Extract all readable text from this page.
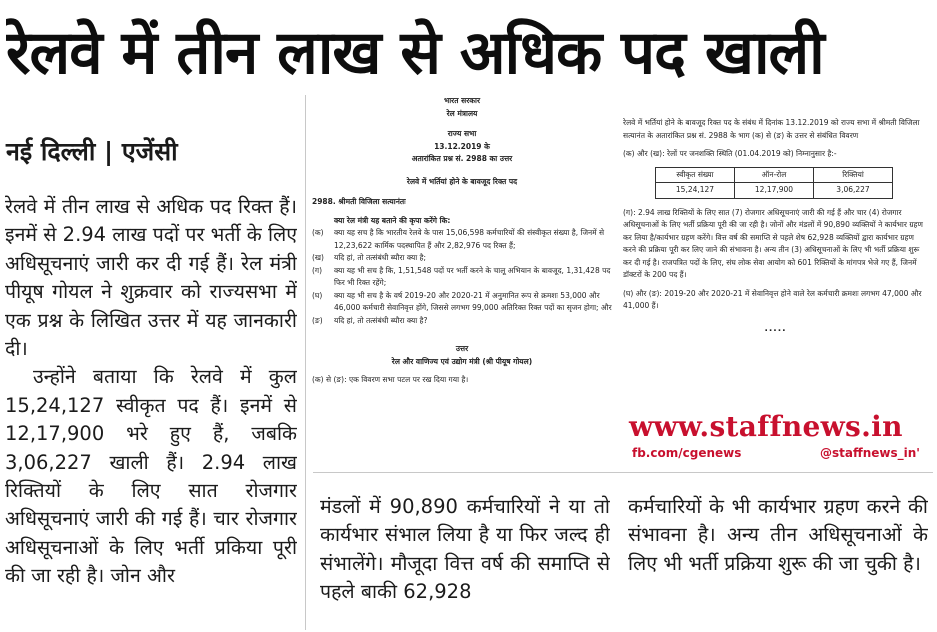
रेलवे में तीन लाख से अधिक पद खाली
नई दिल्ली | एजेंसी

रेलवे में तीन लाख से अधिक पद रिक्त हैं। इनमें से 2.94 लाख पदों पर भर्ती के लिए अधिसूचनाएं जारी कर दी गई हैं। रेल मंत्री पीयूष गोयल ने शुक्रवार को राज्यसभा में एक प्रश्न के लिखित उत्तर में यह जानकारी दी।

उन्होंने बताया कि रेलवे में कुल 15,24,127 स्वीकृत पद हैं। इनमें से 12,17,900 भरे हुए हैं, जबकि 3,06,227 खाली हैं। 2.94 लाख रिक्तियों के लिए सात रोजगार अधिसूचनाएं जारी की गई हैं। चार रोजगार अधिसूचनाओं के लिए भर्ती प्रकिया पूरी की जा रही है। जोन और

भारत सरकार
रेल मंत्रालय
राज्य सभा
13.12.2019 के
अतारांकित प्रश्न सं. 2988 का उत्तर
रेलवे में भर्तियां होने के बावजूद रिक्त पद
2988. श्रीमती विजिला सत्यानंतः
क्या रेल मंत्री यह बताने की कृपा करेंगे कि:
(क)	क्या यह सच है कि भारतीय रेलवे के पास 15,06,598 कर्मचारियों की संस्वीकृत संख्या है, जिनमें से 12,23,622 कार्मिक पदस्थापित हैं और 2,82,976 पद रिक्त हैं;
(ख)	यदि हां, तो तत्संबंधी ब्यौरा क्या है;
(ग)	क्या यह भी सच है कि, 1,51,548 पदों पर भर्ती करने के चालू अभियान के बावजूद, 1,31,428 पद फिर भी रिक्त रहेंगे;
(घ)	क्या यह भी सच है के वर्ष 2019-20 और 2020-21 में अनुमानित रूप से क्रमशः 53,000 और 46,000 कर्मचारी सेवानिवृत्त होंगे, जिससे लगभग 99,000 अतिरिक्त रिक्त पदों का सृजन होगा; और
(ङ)	यदि हां, तो तत्संबंधी ब्यौरा क्या है?
उत्तर
रेल और वाणिज्य एवं उद्योग मंत्री (श्री पीयूष गोयल)
(क) से (ङ): एक विवरण सभा पटल पर रख दिया गया है।
रेलवे में भर्तियां होने के बावजूद रिक्त पद के संबंध में दिनांक 13.12.2019 को राज्य सभा में श्रीमती विजिला सत्यानंत के अतारांकित प्रश्न सं. 2988 के भाग (क) से (ङ) के उत्तर से संबंधित विवरण
(क) और (ख): रेलों पर जनशक्ति स्थिति (01.04.2019 को) निम्नानुसार है:-
स्वीकृत संख्या	ऑन-रोल	रिक्तियां
15,24,127	12,17,900	3,06,227
(ग): 2.94 लाख रिक्तियों के लिए सात (7) रोजगार अधिसूचनाएं जारी की गई हैं और चार (4) रोजगार अधिसूचनाओं के लिए भर्ती प्रक्रिया पूरी की जा रही है। जोनों और मंडलों में 90,890 व्यक्तियों ने कार्यभार ग्रहण कर लिया है/कार्यभार ग्रहण करेंगे। वित्त वर्ष की समाप्ति से पहले शेष 62,928 व्यक्तियों द्वारा कार्यभार ग्रहण करने की प्रक्रिया पूरी कर लिए जाने की संभावना है। अन्य तीन (3) अधिसूचनाओं के लिए भी भर्ती प्रक्रिया शुरू कर दी गई है। राजपत्रित पदों के लिए, संघ लोक सेवा आयोग को 601 रिक्तियों के मांगपत्र भेजे गए हैं, जिनमें डॉक्टरों के 200 पद हैं।
(घ) और (ङ): 2019-20 और 2020-21 में सेवानिवृत्त होने वाले रेल कर्मचारी क्रमशः लगभग 47,000 और 41,000 हैं।
.....
www.staffnews.in
fb.com/cgenews	@staffnews_in'

मंडलों में 90,890 कर्मचारियों ने या तो कार्यभार संभाल लिया है या फिर जल्द ही संभालेंगे। मौजूदा वित्त वर्ष की समाप्ति से पहले बाकी 62,928

कर्मचारियों के भी कार्यभार ग्रहण करने की संभावना है। अन्य तीन अधिसूचनाओं के लिए भी भर्ती प्रक्रिया शुरू की जा चुकी है।
